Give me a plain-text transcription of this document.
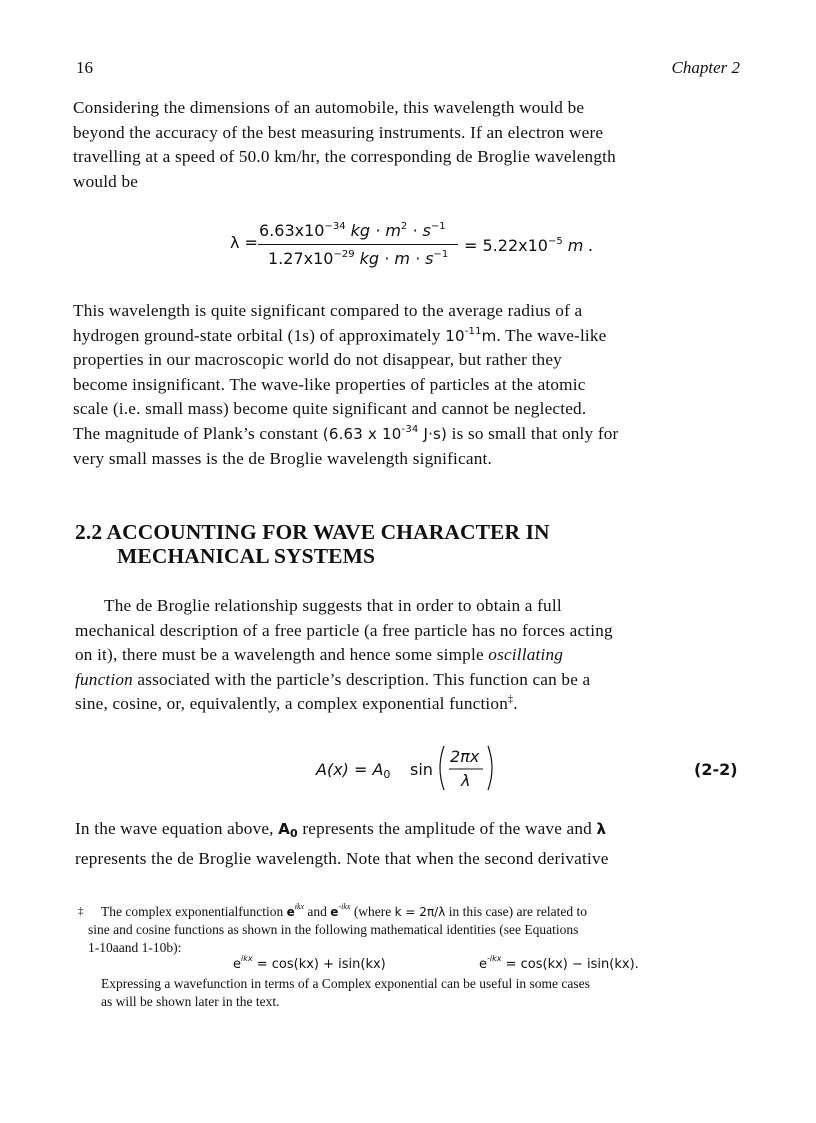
16	Chapter 2
Considering the dimensions of an automobile, this wavelength would be
beyond the accuracy of the best measuring instruments. If an electron were
travelling at a speed of 50.0 km/hr, the corresponding de Broglie wavelength
would be
λ =
$6.63x10^{-34}$ kg · $m^2 \cdot s^{-1}$
$1.27x10^{-29}$ kg · $m \cdot s^{-1} = 5.22x10^{-5}$ m .
This wavelength is quite significant compared to the average radius of a
hydrogen ground-state orbital (1s) of approximately $10^{-11}m$. The wave-like
properties in our macroscopic world do not disappear, but rather they
become insignificant. The wave-like properties of particles at the atomic
scale (i.e. small mass) become quite significant and cannot be neglected.
The magnitude of Plank’s constant (6.63 x $10^{-34}$ J·s) is so small that only for
very small masses is the de Broglie wavelength significant.
2.2 ACCOUNTING FOR WAVE CHARACTER IN
MECHANICAL SYSTEMS
The de Broglie relationship suggests that in order to obtain a full
mechanical description of a free particle (a free particle has no forces acting
on it), there must be a wavelength and hence some simple oscillating
function associated with the particle’s description. This function can be a
sine, cosine, or, equivalently, a complex exponential function‡.
A(x) = A0 sin
2πx
λ
(2-2)
In the wave equation above, A0 represents the amplitude of the wave and λ
represents the de Broglie wavelength. Note that when the second derivative
‡ The complex exponentialfunction $e^{ikx}$ and $e^{-ikx}$ (where k = 2π/λ in this case) are related to
sine and cosine functions as shown in the following mathematical identities (see Equations
1-10aand 1-10b):
$e^{ikx} = \cos(kx) + isin(kx)$	$e^{-ikx} = \cos(kx) - isin(kx)$.
Expressing a wavefunction in terms of a Complex exponential can be useful in some cases
as will be shown later in the text.
